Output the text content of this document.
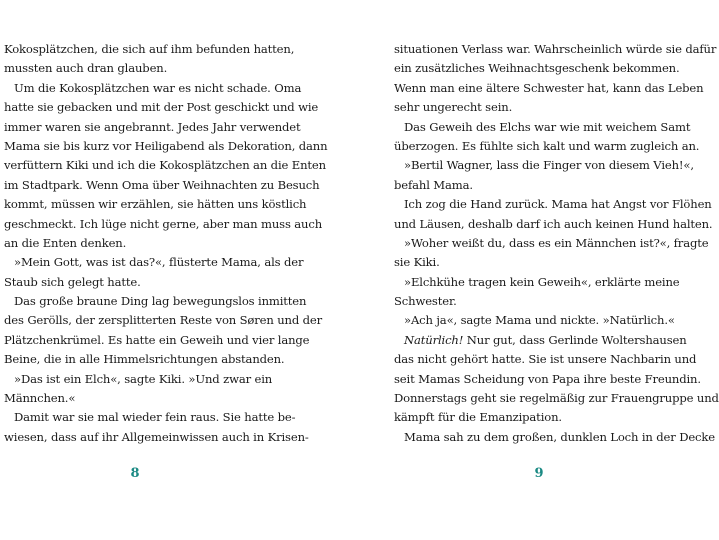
Kokosplätzchen, die sich auf ihm befunden hatten,
mussten auch dran glauben.
Um die Kokosplätzchen war es nicht schade. Oma
hatte sie gebacken und mit der Post geschickt und wie
immer waren sie angebrannt. Jedes Jahr verwendet
Mama sie bis kurz vor Heiligabend als Dekoration, dann
verfüttern Kiki und ich die Kokosplätzchen an die Enten
im Stadtpark. Wenn Oma über Weihnachten zu Besuch
kommt, müssen wir erzählen, sie hätten uns köstlich
geschmeckt. Ich lüge nicht gerne, aber man muss auch
an die Enten denken.
»Mein Gott, was ist das?«, flüsterte Mama, als der
Staub sich gelegt hatte.
Das große braune Ding lag bewegungslos inmitten
des Gerölls, der zersplitterten Reste von Søren und der
Plätzchenkrümel. Es hatte ein Geweih und vier lange
Beine, die in alle Himmelsrichtungen abstanden.
»Das ist ein Elch«, sagte Kiki. »Und zwar ein
Männchen.«
Damit war sie mal wieder fein raus. Sie hatte be-
wiesen, dass auf ihr Allgemeinwissen auch in Krisen-
8
situationen Verlass war. Wahrscheinlich würde sie dafür
ein zusätzliches Weihnachtsgeschenk bekommen.
Wenn man eine ältere Schwester hat, kann das Leben
sehr ungerecht sein.
Das Geweih des Elchs war wie mit weichem Samt
überzogen. Es fühlte sich kalt und warm zugleich an.
»Bertil Wagner, lass die Finger von diesem Vieh!«,
befahl Mama.
Ich zog die Hand zurück. Mama hat Angst vor Flöhen
und Läusen, deshalb darf ich auch keinen Hund halten.
»Woher weißt du, dass es ein Männchen ist?«, fragte
sie Kiki.
»Elchkühe tragen kein Geweih«, erklärte meine
Schwester.
»Ach ja«, sagte Mama und nickte. »Natürlich.«
Natürlich! Nur gut, dass Gerlinde Woltershausen
das nicht gehört hatte. Sie ist unsere Nachbarin und
seit Mamas Scheidung von Papa ihre beste Freundin.
Donnerstags geht sie regelmäßig zur Frauengruppe und
kämpft für die Emanzipation.
Mama sah zu dem großen, dunklen Loch in der Decke
9
